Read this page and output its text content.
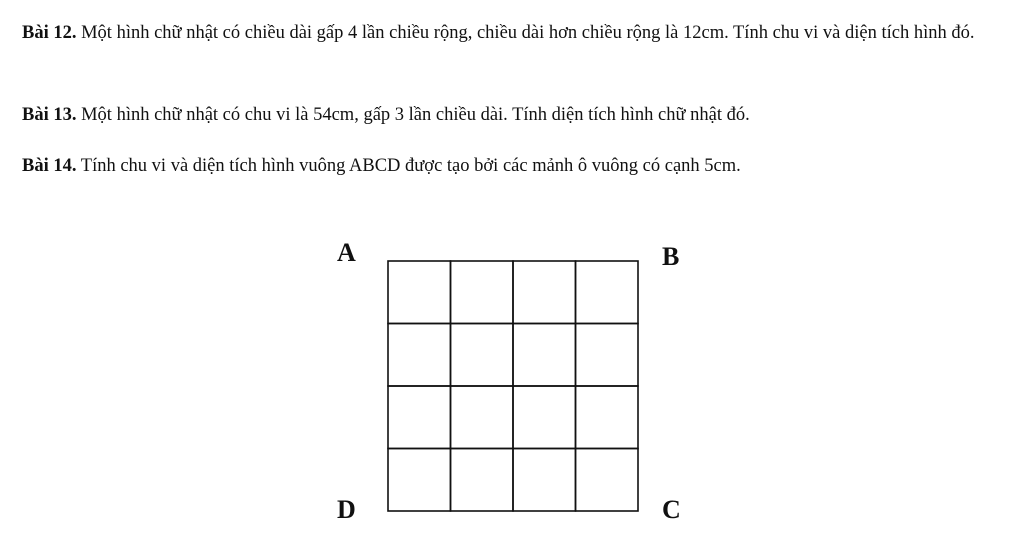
Bài 12. Một hình chữ nhật có chiều dài gấp 4 lần chiều rộng, chiều dài hơn chiều rộng là 12cm. Tính chu vi và diện tích hình đó.

Bài 13. Một hình chữ nhật có chu vi là 54cm, gấp 3 lần chiều dài. Tính diện tích hình chữ nhật đó.

Bài 14. Tính chu vi và diện tích hình vuông ABCD được tạo bởi các mảnh ô vuông có cạnh 5cm.

A	B
C
D
